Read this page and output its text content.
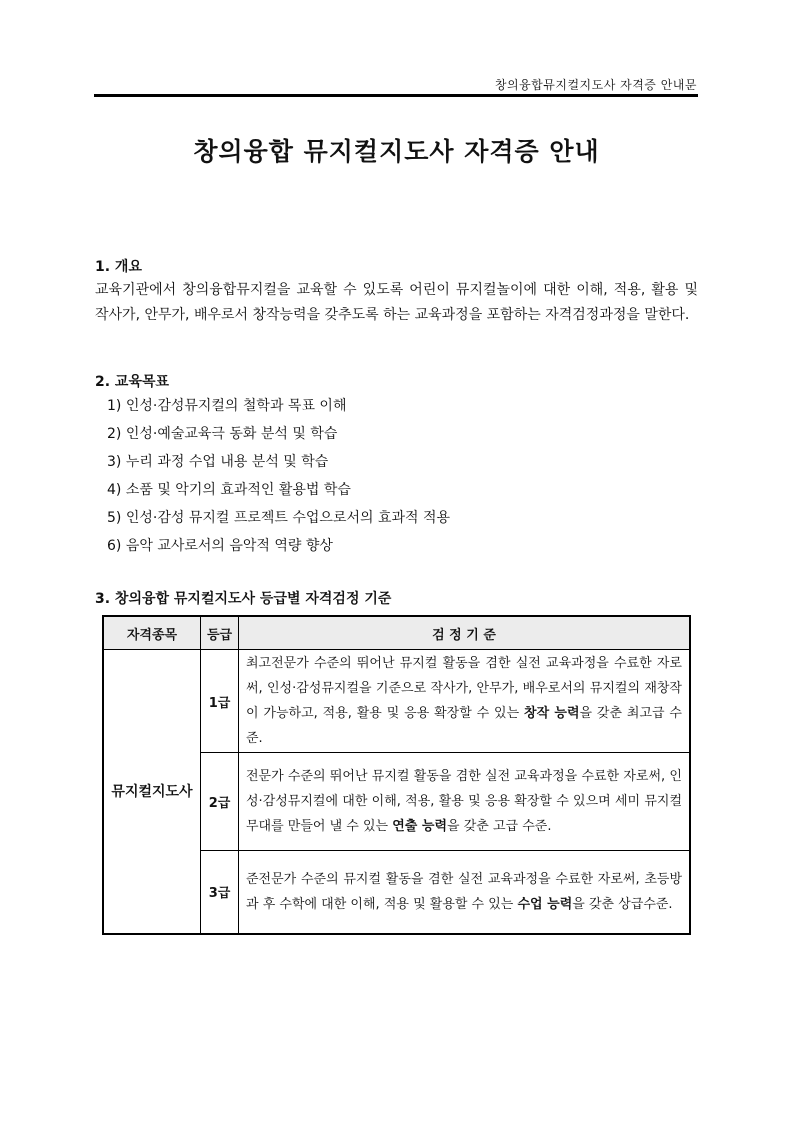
창의융합뮤지컬지도사 자격증 안내문
창의융합 뮤지컬지도사 자격증 안내
1. 개요
교육기관에서 창의융합뮤지컬을 교육할 수 있도록 어린이 뮤지컬놀이에 대한 이해, 적용, 활용 및 작사가, 안무가, 배우로서 창작능력을 갖추도록 하는 교육과정을 포함하는 자격검정과정을 말한다.
2. 교육목표
1) 인성·감성뮤지컬의 철학과 목표 이해
2) 인성·예술교육극 동화 분석 및 학습
3) 누리 과정 수업 내용 분석 및 학습
4) 소품 및 악기의 효과적인 활용법 학습
5) 인성·감성 뮤지컬 프로젝트 수업으로서의 효과적 적용
6) 음악 교사로서의 음악적 역량 향상
3. 창의융합 뮤지컬지도사 등급별 자격검정 기준
자격종목	등급	검 정 기 준
뮤지컬지도사	1급	최고전문가 수준의 뛰어난 뮤지컬 활동을 겸한 실전 교육과정을 수료한 자로써, 인성·감성뮤지컬을 기준으로 작사가, 안무가, 배우로서의 뮤지컬의 재창작이 가능하고, 적용, 활용 및 응용 확장할 수 있는 창작 능력을 갖춘 최고급 수준.
	2급	전문가 수준의 뛰어난 뮤지컬 활동을 겸한 실전 교육과정을 수료한 자로써, 인성·감성뮤지컬에 대한 이해, 적용, 활용 및 응용 확장할 수 있으며 세미 뮤지컬 무대를 만들어 낼 수 있는 연출 능력을 갖춘 고급 수준.
	3급	준전문가 수준의 뮤지컬 활동을 겸한 실전 교육과정을 수료한 자로써, 초등방과 후 수학에 대한 이해, 적용 및 활용할 수 있는 수업 능력을 갖춘 상급수준.
